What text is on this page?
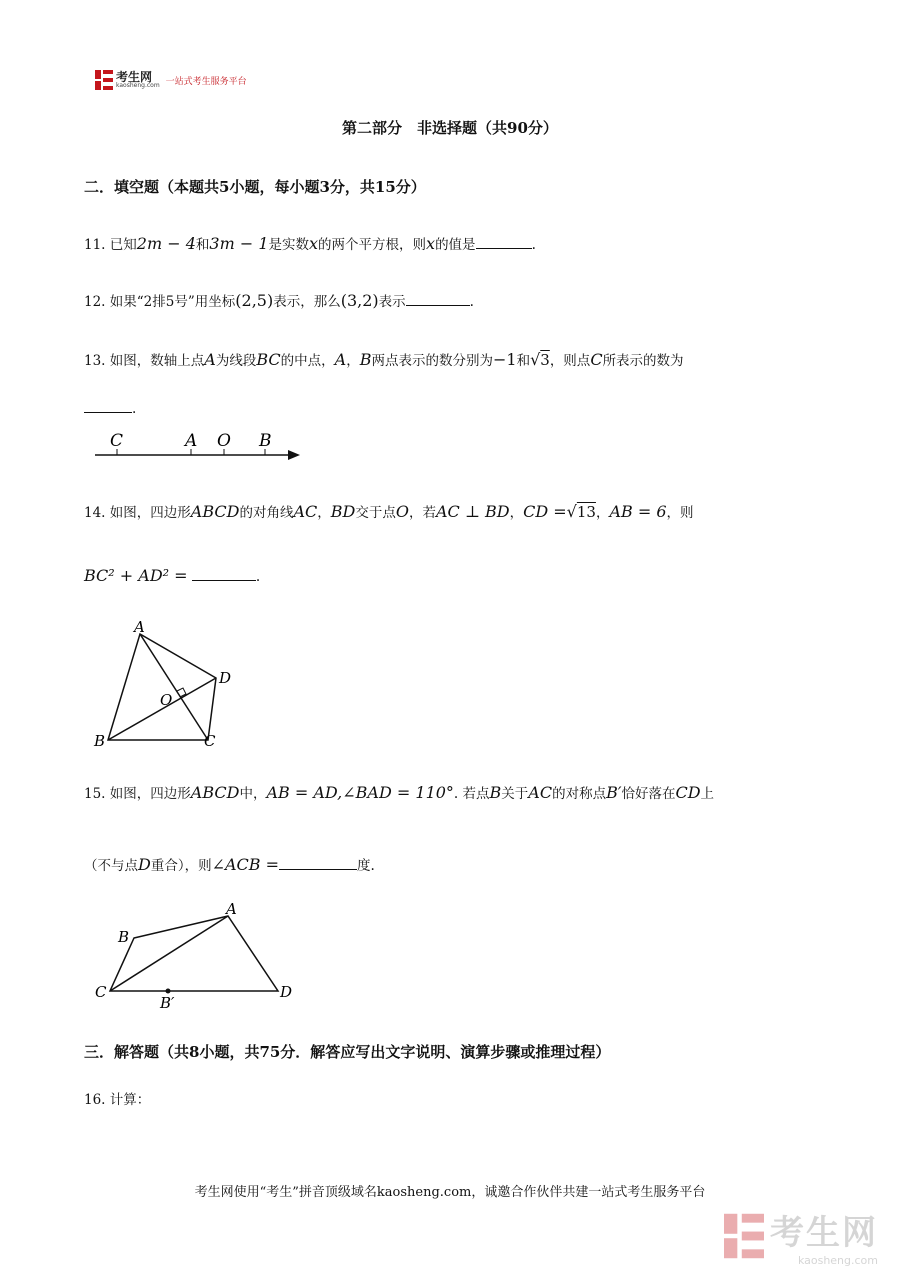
考生网
kaosheng.com 一站式考生服务平台
第二部分　非选择题（共90分）
二．填空题（本题共5小题，每小题3分，共15分）
11. 已知2m − 4和3m − 1是实数x的两个平方根，则x的值是	.
12. 如果“2排5号”用坐标(2,5)表示，那么(3,2)表示	.
13. 如图，数轴上点A为线段BC的中点，A，B两点表示的数分别为−1和√3，则点C所表示的数为
.
C	A O B
14. 如图，四边形ABCD的对角线AC，BD交于点O，若AC ⊥ BD，CD =√13，AB = 6，则
BC² + AD² =	.
A
B	C
D
O
15. 如图，四边形ABCD中，AB = AD,∠BAD = 110°. 若点B关于AC的对称点B′恰好落在CD上
（不与点D重合），则∠ACB =	度.
A
B
C	D
B′
三．解答题（共8小题，共75分．解答应写出文字说明、演算步骤或推理过程）
16. 计算：
考生网使用“考生”拼音顶级域名kaosheng.com，诚邀合作伙伴共建一站式考生服务平台
考生网
kaosheng.com
